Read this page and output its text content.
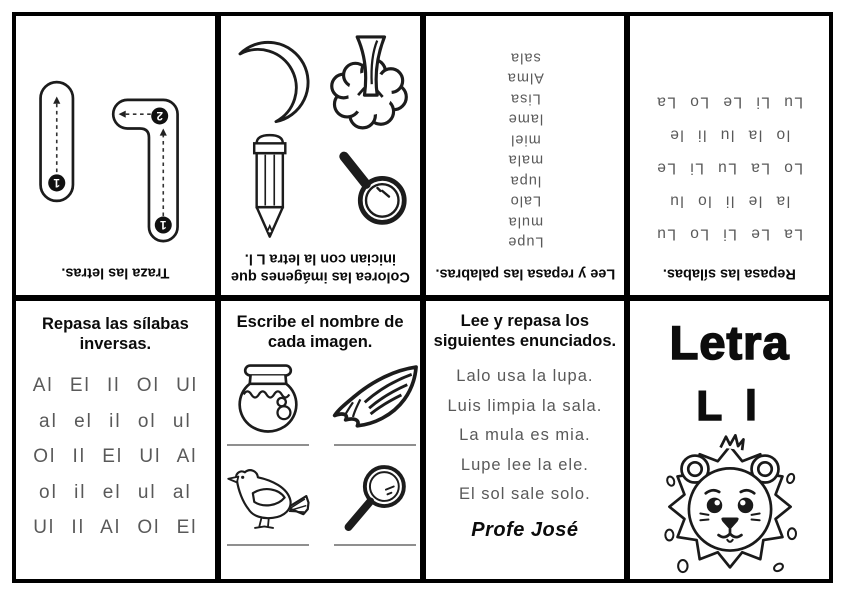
Traza las letras.
1
2
1
Colorea las imágenes que
inician con la letra L l.
Lee y repasa las palabras.
Lupe
mula
Lalo
lupa
mala
miel
lame
Lisa
Alma
sala
Repasa las sílabas.
La Le Li Lo Lu
la le li lo lu
Lo La Lu Li Le
lo la lu li le
Lu Li Le Lo La
Repasa las sílabas
inversas.
Al El Il Ol Ul
al el il ol ul
Ol Il El Ul Al
ol il el ul al
Ul Il Al Ol El
Escribe el nombre de
cada imagen.
Lee y repasa los
siguientes enunciados.
Lalo usa la lupa.
Luis limpia la sala.
La mula es mia.
Lupe lee la ele.
El sol sale solo.
Profe José
Letra
L l
